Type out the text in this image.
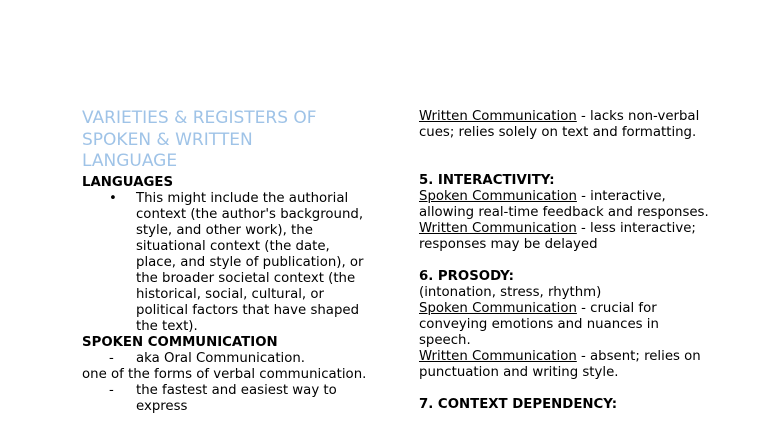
VARIETIES & REGISTERS OF SPOKEN & WRITTEN LANGUAGE

LANGUAGES

•	This might include the authorial context (the author's background, style, and other work), the situational context (the date, place, and style of publication), or the broader societal context (the historical, social, cultural, or political factors that have shaped the text).

SPOKEN COMMUNICATION

-	aka Oral Communication.

one of the forms of verbal communication.

-	the fastest and easiest way to express

Written Communication - lacks non-verbal cues; relies solely on text and formatting.

5. INTERACTIVITY:

Spoken Communication - interactive, allowing real-time feedback and responses.

Written Communication - less interactive; responses may be delayed

6. PROSODY:

(intonation, stress, rhythm)

Spoken Communication - crucial for conveying emotions and nuances in speech.

Written Communication - absent; relies on punctuation and writing style.

7. CONTEXT DEPENDENCY:
